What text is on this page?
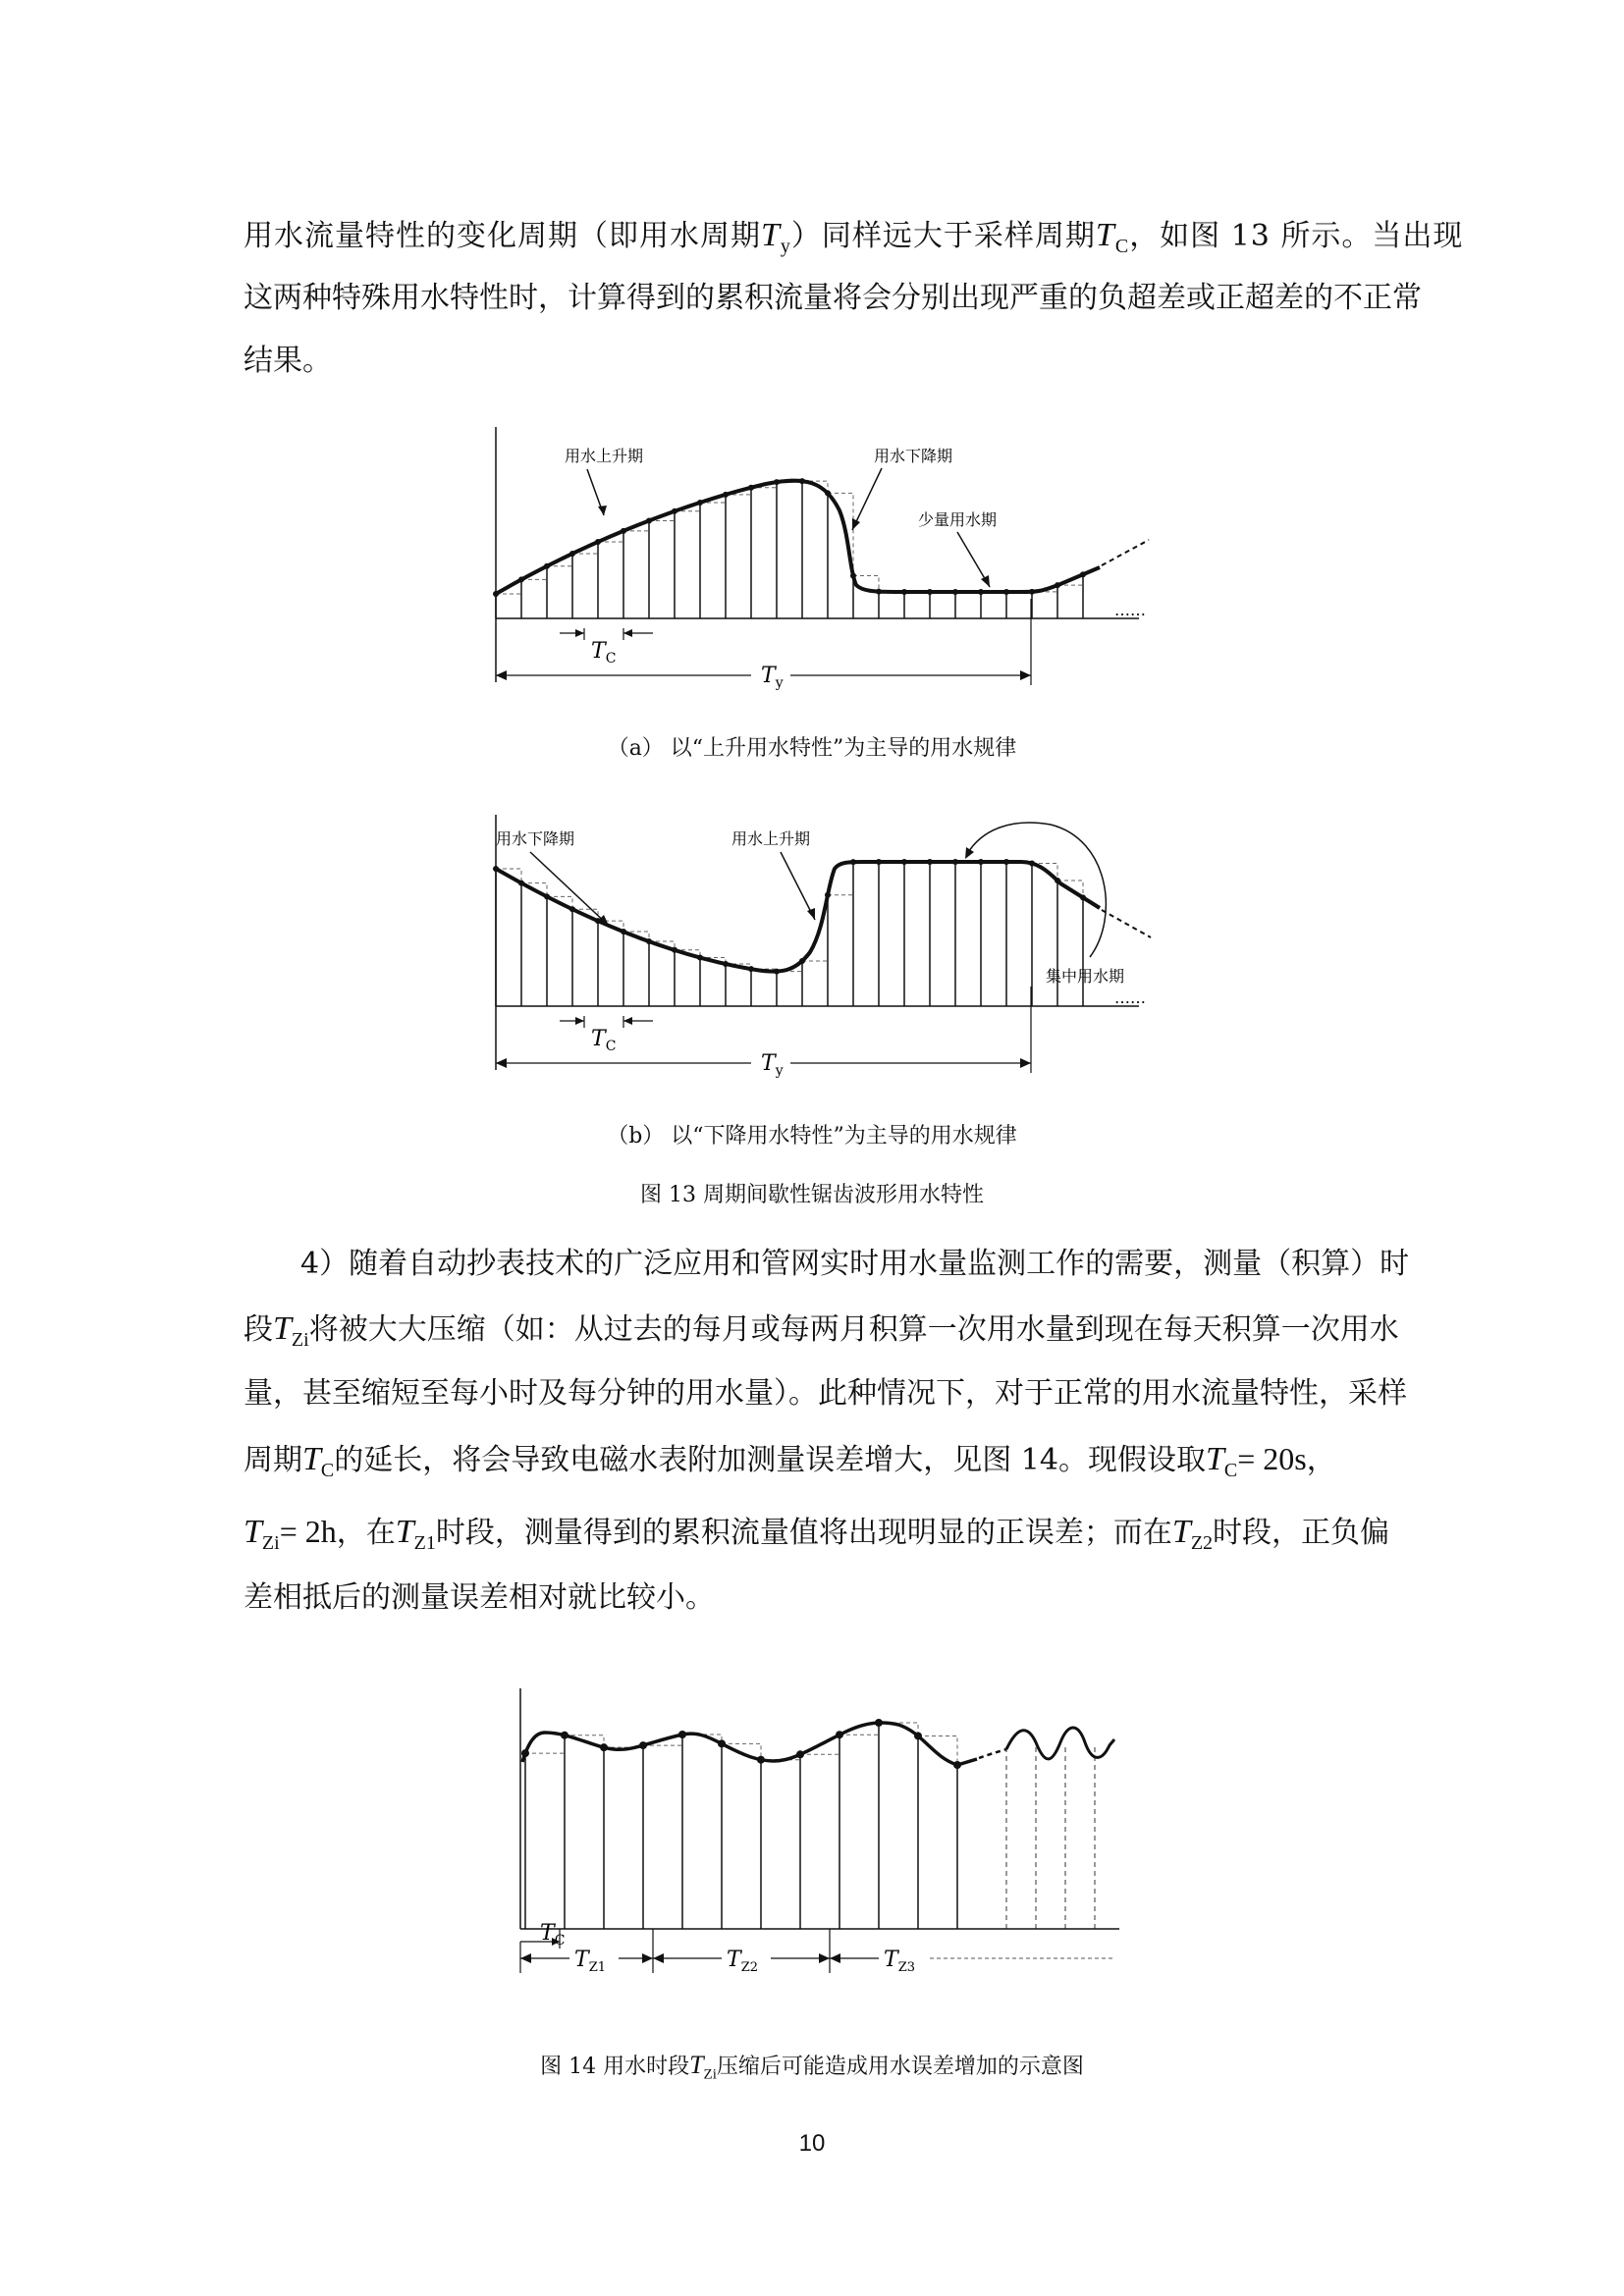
用水流量特性的变化周期（即用水周期$T_y$）同样远大于采样周期$T_C$，如图 13 所示。当出现
这两种特殊用水特性时，计算得到的累积流量将会分别出现严重的负超差或正超差的不正常
结果。
用水上升期	用水下降期
少量用水期
……
$T_C$
$T_y$
（a） 以“上升用水特性”为主导的用水规律
用水下降期	用水上升期
集中用水期
……
$T_C$
$T_y$
（b） 以“下降用水特性”为主导的用水规律
图 13 周期间歇性锯齿波形用水特性
4）随着自动抄表技术的广泛应用和管网实时用水量监测工作的需要，测量（积算）时
段$T_{Zi}$将被大大压缩（如：从过去的每月或每两月积算一次用水量到现在每天积算一次用水
量，甚至缩短至每小时及每分钟的用水量）。此种情况下，对于正常的用水流量特性，采样
周期$T_C$的延长，将会导致电磁水表附加测量误差增大，见图 14。现假设取$T_C= 20s$，
$T_{Zi}= 2h$，在$T_{Z1}$时段，测量得到的累积流量值将出现明显的正误差；而在$T_{Z2}$时段，正负偏
差相抵后的测量误差相对就比较小。
$T_C$
$T_{Z1}$	$T_{Z2}$	$T_{Z3}$
图 14 用水时段$T_{Zi}$压缩后可能造成用水误差增加的示意图
10
